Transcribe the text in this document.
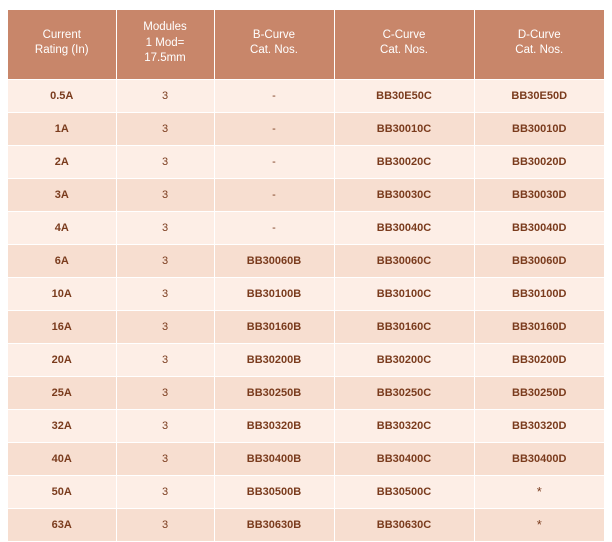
Current
Rating (In)	Modules
1 Mod=
17.5mm	B-Curve
Cat. Nos.	C-Curve
Cat. Nos.	D-Curve
Cat. Nos.

0.5A	3	-	BB30E50C	BB30E50D
1A	3	-	BB30010C	BB30010D
2A	3	-	BB30020C	BB30020D
3A	3	-	BB30030C	BB30030D
4A	3	-	BB30040C	BB30040D
6A	3	BB30060B	BB30060C	BB30060D
10A	3	BB30100B	BB30100C	BB30100D
16A	3	BB30160B	BB30160C	BB30160D
20A	3	BB30200B	BB30200C	BB30200D
25A	3	BB30250B	BB30250C	BB30250D
32A	3	BB30320B	BB30320C	BB30320D
40A	3	BB30400B	BB30400C	BB30400D
50A	3	BB30500B	BB30500C	*
63A	3	BB30630B	BB30630C	*
